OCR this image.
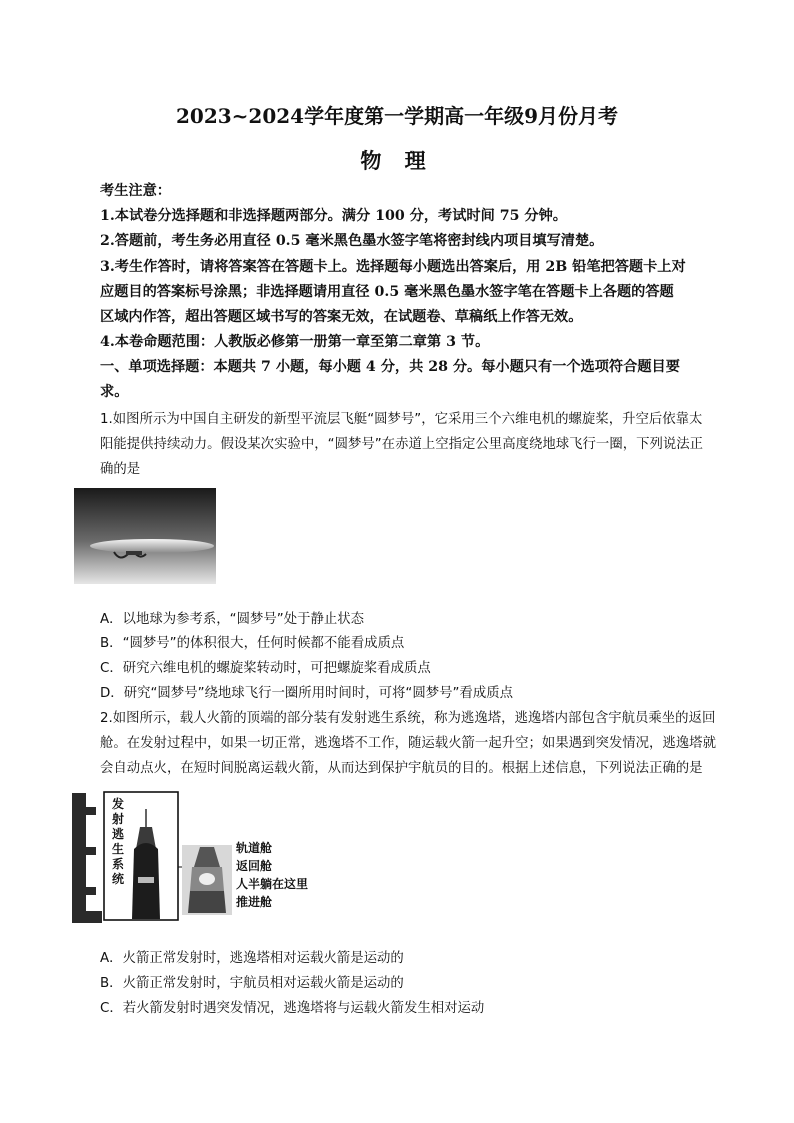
2023~2024学年度第一学期高一年级9月份月考
物 理
考生注意：
1.本试卷分选择题和非选择题两部分。满分 100 分，考试时间 75 分钟。
2.答题前，考生务必用直径 0.5 毫米黑色墨水签字笔将密封线内项目填写清楚。
3.考生作答时，请将答案答在答题卡上。选择题每小题选出答案后，用 2B 铅笔把答题卡上对
应题目的答案标号涂黑；非选择题请用直径 0.5 毫米黑色墨水签字笔在答题卡上各题的答题
区域内作答，超出答题区域书写的答案无效，在试题卷、草稿纸上作答无效。
4.本卷命题范围：人教版必修第一册第一章至第二章第 3 节。
一、单项选择题：本题共 7 小题，每小题 4 分，共 28 分。每小题只有一个选项符合题目要
求。
1.如图所示为中国自主研发的新型平流层飞艇“圆梦号”，它采用三个六维电机的螺旋桨，升空后依靠太
阳能提供持续动力。假设某次实验中，“圆梦号”在赤道上空指定公里高度绕地球飞行一圈，下列说法正
确的是
A．以地球为参考系，“圆梦号”处于静止状态
B．“圆梦号”的体积很大，任何时候都不能看成质点
C．研究六维电机的螺旋桨转动时，可把螺旋桨看成质点
D．研究“圆梦号”绕地球飞行一圈所用时间时，可将“圆梦号”看成质点
2.如图所示，载人火箭的顶端的部分装有发射逃生系统，称为逃逸塔，逃逸塔内部包含宇航员乘坐的返回
舱。在发射过程中，如果一切正常，逃逸塔不工作，随运载火箭一起升空；如果遇到突发情况，逃逸塔就
会自动点火，在短时间脱离运载火箭，从而达到保护宇航员的目的。根据上述信息，下列说法正确的是
发
射
逃
生
系
统
轨道舱
返回舱
人半躺在这里
推进舱
A．火箭正常发射时，逃逸塔相对运载火箭是运动的
B．火箭正常发射时，宇航员相对运载火箭是运动的
C．若火箭发射时遇突发情况，逃逸塔将与运载火箭发生相对运动
